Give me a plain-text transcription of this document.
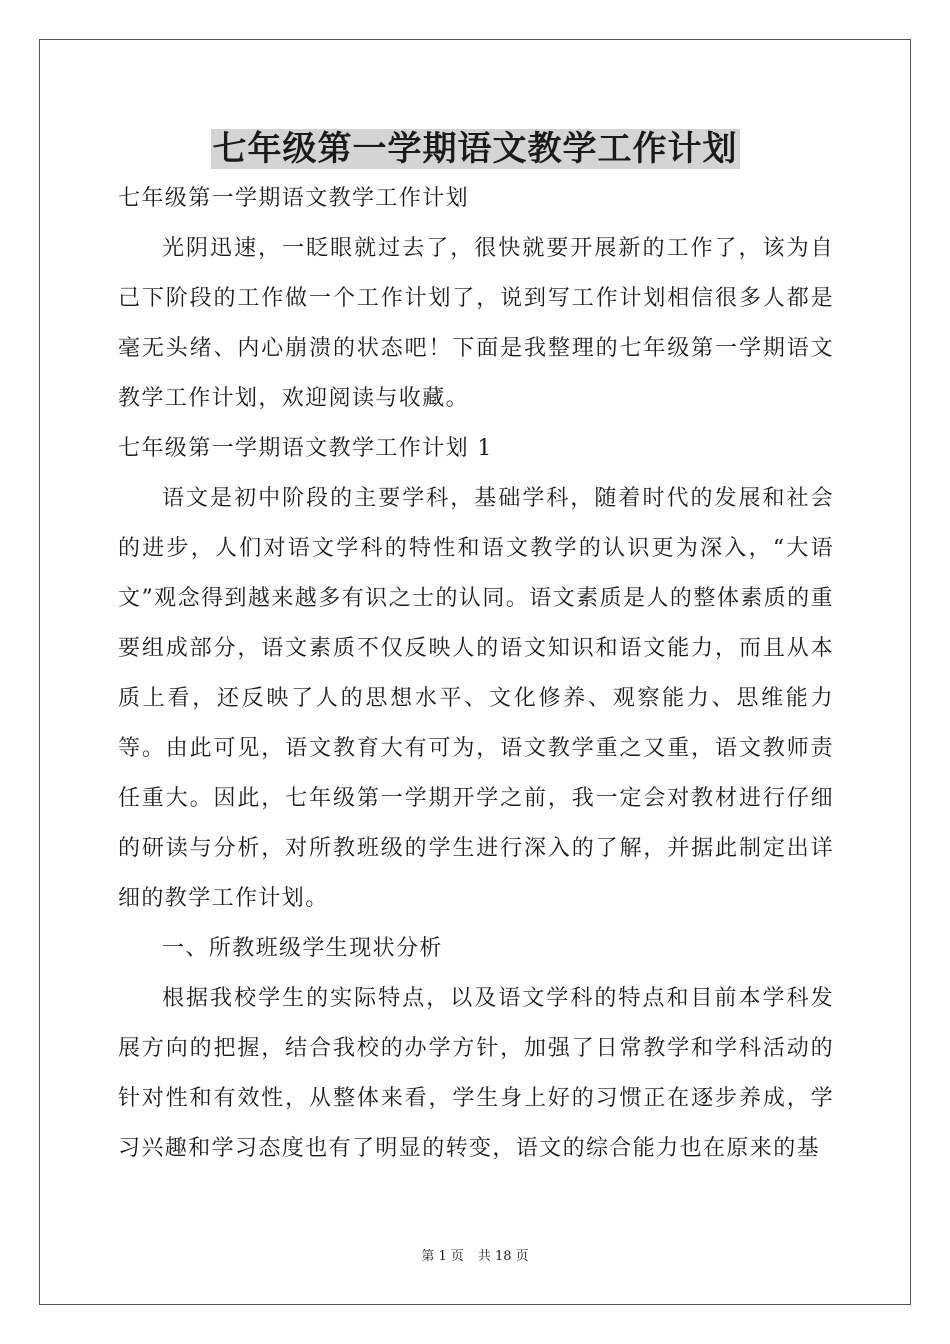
七年级第一学期语文教学工作计划

七年级第一学期语文教学工作计划

光阴迅速，一眨眼就过去了，很快就要开展新的工作了，该为自己下阶段的工作做一个工作计划了，说到写工作计划相信很多人都是毫无头绪、内心崩溃的状态吧！下面是我整理的七年级第一学期语文教学工作计划，欢迎阅读与收藏。

七年级第一学期语文教学工作计划 1

语文是初中阶段的主要学科，基础学科，随着时代的发展和社会的进步，人们对语文学科的特性和语文教学的认识更为深入，“大语文”观念得到越来越多有识之士的认同。语文素质是人的整体素质的重要组成部分，语文素质不仅反映人的语文知识和语文能力，而且从本质上看，还反映了人的思想水平、文化修养、观察能力、思维能力等。由此可见，语文教育大有可为，语文教学重之又重，语文教师责任重大。因此，七年级第一学期开学之前，我一定会对教材进行仔细的研读与分析，对所教班级的学生进行深入的了解，并据此制定出详细的教学工作计划。

一、所教班级学生现状分析

根据我校学生的实际特点，以及语文学科的特点和目前本学科发展方向的把握，结合我校的办学方针，加强了日常教学和学科活动的针对性和有效性，从整体来看，学生身上好的习惯正在逐步养成，学习兴趣和学习态度也有了明显的转变，语文的综合能力也在原来的基

第 1 页 共 18 页
